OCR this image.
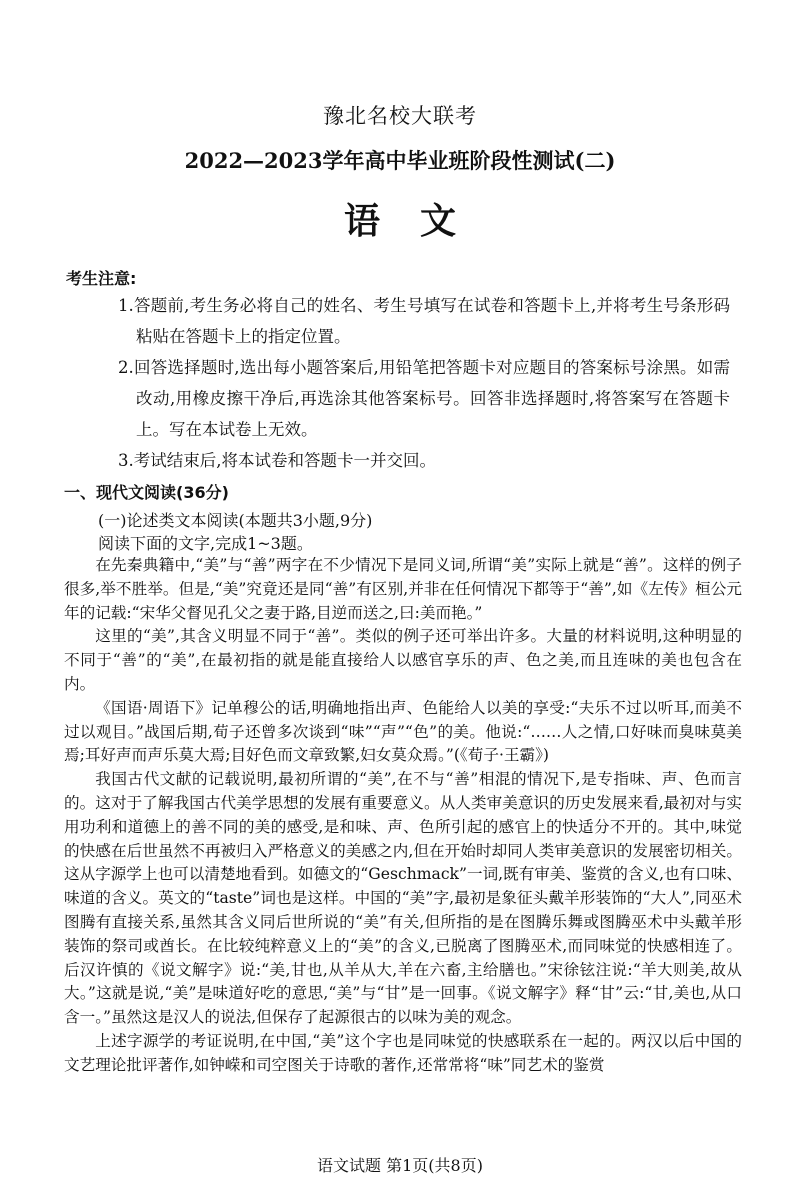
豫北名校大联考
2022—2023学年高中毕业班阶段性测试(二)
语文
考生注意:

1.答题前,考生务必将自己的姓名、考生号填写在试卷和答题卡上,并将考生号条形码粘贴在答题卡上的指定位置。

2.回答选择题时,选出每小题答案后,用铅笔把答题卡对应题目的答案标号涂黑。如需改动,用橡皮擦干净后,再选涂其他答案标号。回答非选择题时,将答案写在答题卡上。写在本试卷上无效。

3.考试结束后,将本试卷和答题卡一并交回。

一、现代文阅读(36分)
(一)论述类文本阅读(本题共3小题,9分)
阅读下面的文字,完成1~3题。

在先秦典籍中,“美”与“善”两字在不少情况下是同义词,所谓“美”实际上就是“善”。这样的例子很多,举不胜举。但是,“美”究竟还是同“善”有区别,并非在任何情况下都等于“善”,如《左传》桓公元年的记载:“宋华父督见孔父之妻于路,目逆而送之,曰:美而艳。”

这里的“美”,其含义明显不同于“善”。类似的例子还可举出许多。大量的材料说明,这种明显的不同于“善”的“美”,在最初指的就是能直接给人以感官享乐的声、色之美,而且连味的美也包含在内。

《国语·周语下》记单穆公的话,明确地指出声、色能给人以美的享受:“夫乐不过以听耳,而美不过以观目。”战国后期,荀子还曾多次谈到“味”“声”“色”的美。他说:“……人之情,口好味而臭味莫美焉;耳好声而声乐莫大焉;目好色而文章致繁,妇女莫众焉。”(《荀子·王霸》)

我国古代文献的记载说明,最初所谓的“美”,在不与“善”相混的情况下,是专指味、声、色而言的。这对于了解我国古代美学思想的发展有重要意义。从人类审美意识的历史发展来看,最初对与实用功利和道德上的善不同的美的感受,是和味、声、色所引起的感官上的快适分不开的。其中,味觉的快感在后世虽然不再被归入严格意义的美感之内,但在开始时却同人类审美意识的发展密切相关。这从字源学上也可以清楚地看到。如德文的“Geschmack”一词,既有审美、鉴赏的含义,也有口味、味道的含义。英文的“taste”词也是这样。中国的“美”字,最初是象征头戴羊形装饰的“大人”,同巫术图腾有直接关系,虽然其含义同后世所说的“美”有关,但所指的是在图腾乐舞或图腾巫术中头戴羊形装饰的祭司或酋长。在比较纯粹意义上的“美”的含义,已脱离了图腾巫术,而同味觉的快感相连了。后汉许慎的《说文解字》说:“美,甘也,从羊从大,羊在六畜,主给膳也。”宋徐铉注说:“羊大则美,故从大。”这就是说,“美”是味道好吃的意思,“美”与“甘”是一回事。《说文解字》释“甘”云:“甘,美也,从口含一。”虽然这是汉人的说法,但保存了起源很古的以味为美的观念。

上述字源学的考证说明,在中国,“美”这个字也是同味觉的快感联系在一起的。两汉以后中国的文艺理论批评著作,如钟嵘和司空图关于诗歌的著作,还常常将“味”同艺术的鉴赏

语文试题 第1页(共8页)
